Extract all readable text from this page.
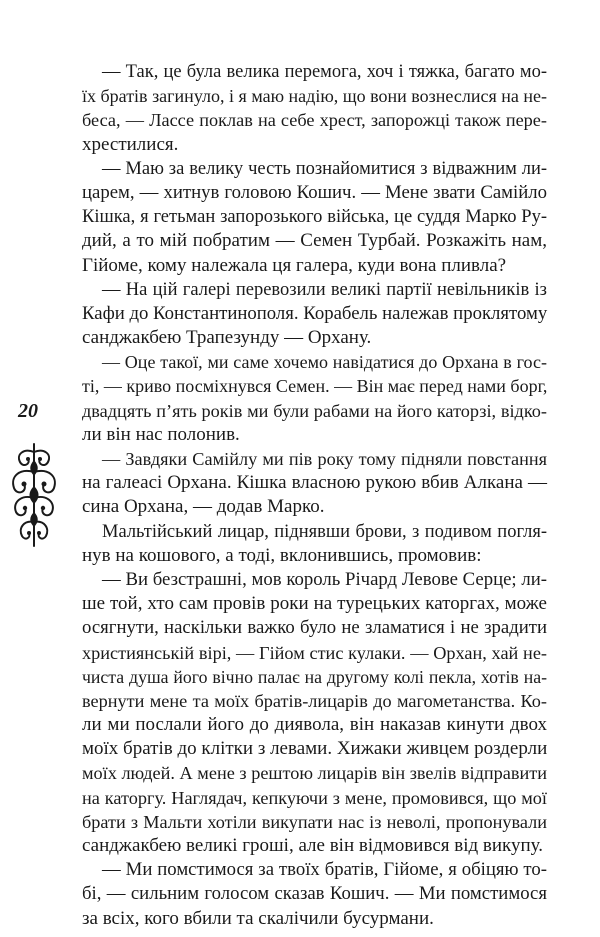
20
— Так, це була велика перемога, хоч і тяжка, багато мо-
їх братів загинуло, і я маю надію, що вони вознеслися на не-
беса, — Лассе поклав на себе хрест, запорожці також пере-
хрестилися.
— Маю за велику честь познайомитися з відважним ли-
царем, — хитнув головою Кошич. — Мене звати Самійло
Кішка, я гетьман запорозького війська, це суддя Марко Ру-
дий, а то мій побратим — Семен Турбай. Розкажіть нам,
Гійоме, кому належала ця галера, куди вона пливла?
— На цій галері перевозили великі партії невільників із
Кафи до Константинополя. Корабель належав проклятому
санджакбею Трапезунду — Орхану.
— Оце такої, ми саме хочемо навідатися до Орхана в гос-
ті, — криво посміхнувся Семен. — Він має перед нами борг,
двадцять п’ять років ми були рабами на його каторзі, відко-
ли він нас полонив.
— Завдяки Самійлу ми пів року тому підняли повстання
на галеасі Орхана. Кішка власною рукою вбив Алкана —
сина Орхана, — додав Марко.
Мальтійський лицар, піднявши брови, з подивом погля-
нув на кошового, а тоді, вклонившись, промовив:
— Ви безстрашні, мов король Річард Левове Серце; ли-
ше той, хто сам провів роки на турецьких каторгах, може
осягнути, наскільки важко було не зламатися і не зрадити
християнській вірі, — Гійом стис кулаки. — Орхан, хай не-
чиста душа його вічно палає на другому колі пекла, хотів на-
вернути мене та моїх братів-лицарів до магометанства. Ко-
ли ми послали його до диявола, він наказав кинути двох
моїх братів до клітки з левами. Хижаки живцем роздерли
моїх людей. А мене з рештою лицарів він звелів відправити
на каторгу. Наглядач, кепкуючи з мене, промовився, що мої
брати з Мальти хотіли викупати нас із неволі, пропонували
санджакбею великі гроші, але він відмовився від викупу.
— Ми помстимося за твоїх братів, Гійоме, я обіцяю то-
бі, — сильним голосом сказав Кошич. — Ми помстимося
за всіх, кого вбили та скалічили бусурмани.
